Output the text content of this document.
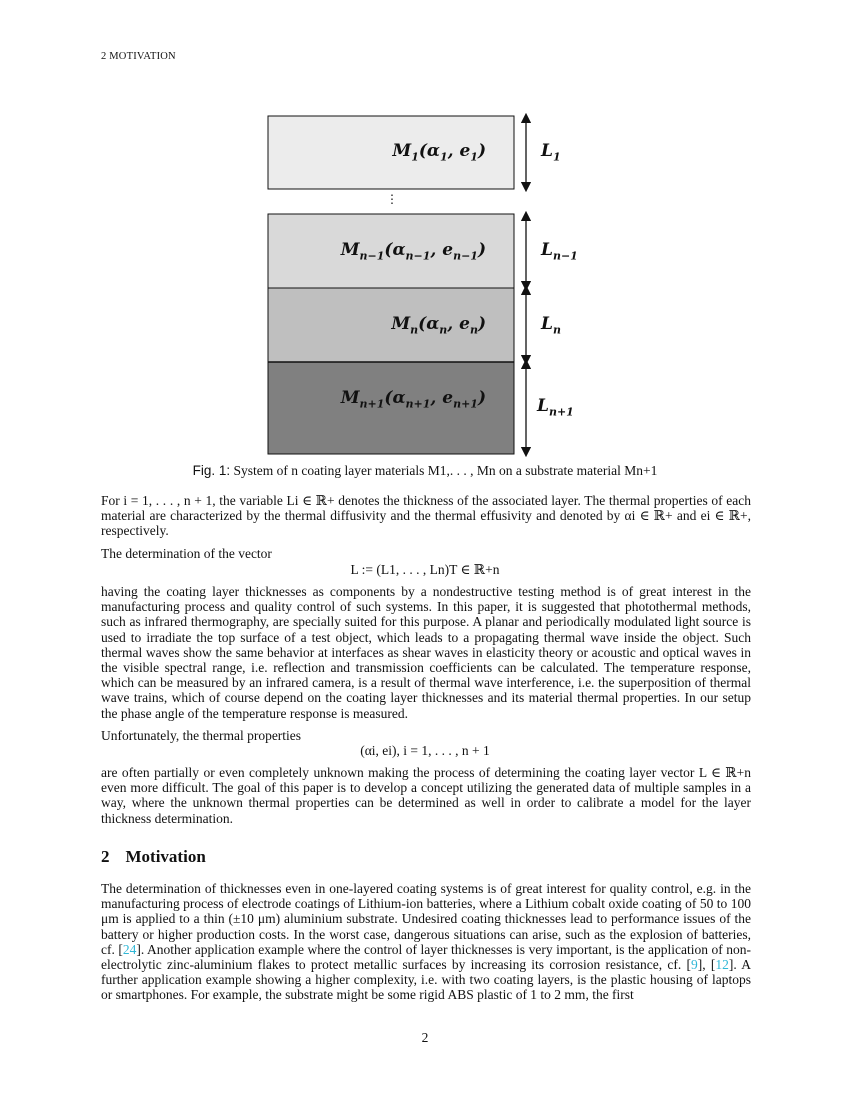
2 MOTIVATION
⋮
$M_1(\alpha_1$, $e_1$)
$M_{n-1}(\alpha_{n-1}$, $e_{n-1}$)
$M_n(\alpha_n$, $e_n$)
$M_{n+1}(\alpha_{n+1}$, $e_{n+1}$)
$L_1$
$L_{n-1}$
$L_n$
$L_{n+1}$
Fig. 1: System of n coating layer materials M1,. . . , Mn on a substrate material Mn+1
For i = 1, . . . , n + 1, the variable Li ∈ ℝ+ denotes the thickness of the associated layer. The thermal properties of each material are characterized by the thermal diffusivity and the thermal effusivity and denoted by αi ∈ ℝ+ and ei ∈ ℝ+, respectively.
The determination of the vector
L := (L1, . . . , Ln)T ∈ ℝ+n
having the coating layer thicknesses as components by a nondestructive testing method is of great interest in the manufacturing process and quality control of such systems. In this paper, it is suggested that photothermal methods, such as infrared thermography, are specially suited for this purpose. A planar and periodically modulated light source is used to irradiate the top surface of a test object, which leads to a propagating thermal wave inside the object. Such thermal waves show the same behavior at interfaces as shear waves in elasticity theory or acoustic and optical waves in the visible spectral range, i.e. reflection and transmission coefficients can be calculated. The temperature response, which can be measured by an infrared camera, is a result of thermal wave interference, i.e. the superposition of thermal wave trains, which of course depend on the coating layer thicknesses and its material thermal properties. In our setup the phase angle of the temperature response is measured.
Unfortunately, the thermal properties
(αi, ei), i = 1, . . . , n + 1
are often partially or even completely unknown making the process of determining the coating layer vector L ∈ ℝ+n even more difficult. The goal of this paper is to develop a concept utilizing the generated data of multiple samples in a way, where the unknown thermal properties can be determined as well in order to calibrate a model for the layer thickness determination.
2 Motivation
The determination of thicknesses even in one-layered coating systems is of great interest for quality control, e.g. in the manufacturing process of electrode coatings of Lithium-ion batteries, where a Lithium cobalt oxide coating of 50 to 100 μm is applied to a thin (±10 μm) aluminium substrate. Undesired coating thicknesses lead to performance issues of the battery or higher production costs. In the worst case, dangerous situations can arise, such as the explosion of batteries, cf. [24]. Another application example where the control of layer thicknesses is very important, is the application of non-electrolytic zinc-aluminium flakes to protect metallic surfaces by increasing its corrosion resistance, cf. [9], [12]. A further application example showing a higher complexity, i.e. with two coating layers, is the plastic housing of laptops or smartphones. For example, the substrate might be some rigid ABS plastic of 1 to 2 mm, the first
2
